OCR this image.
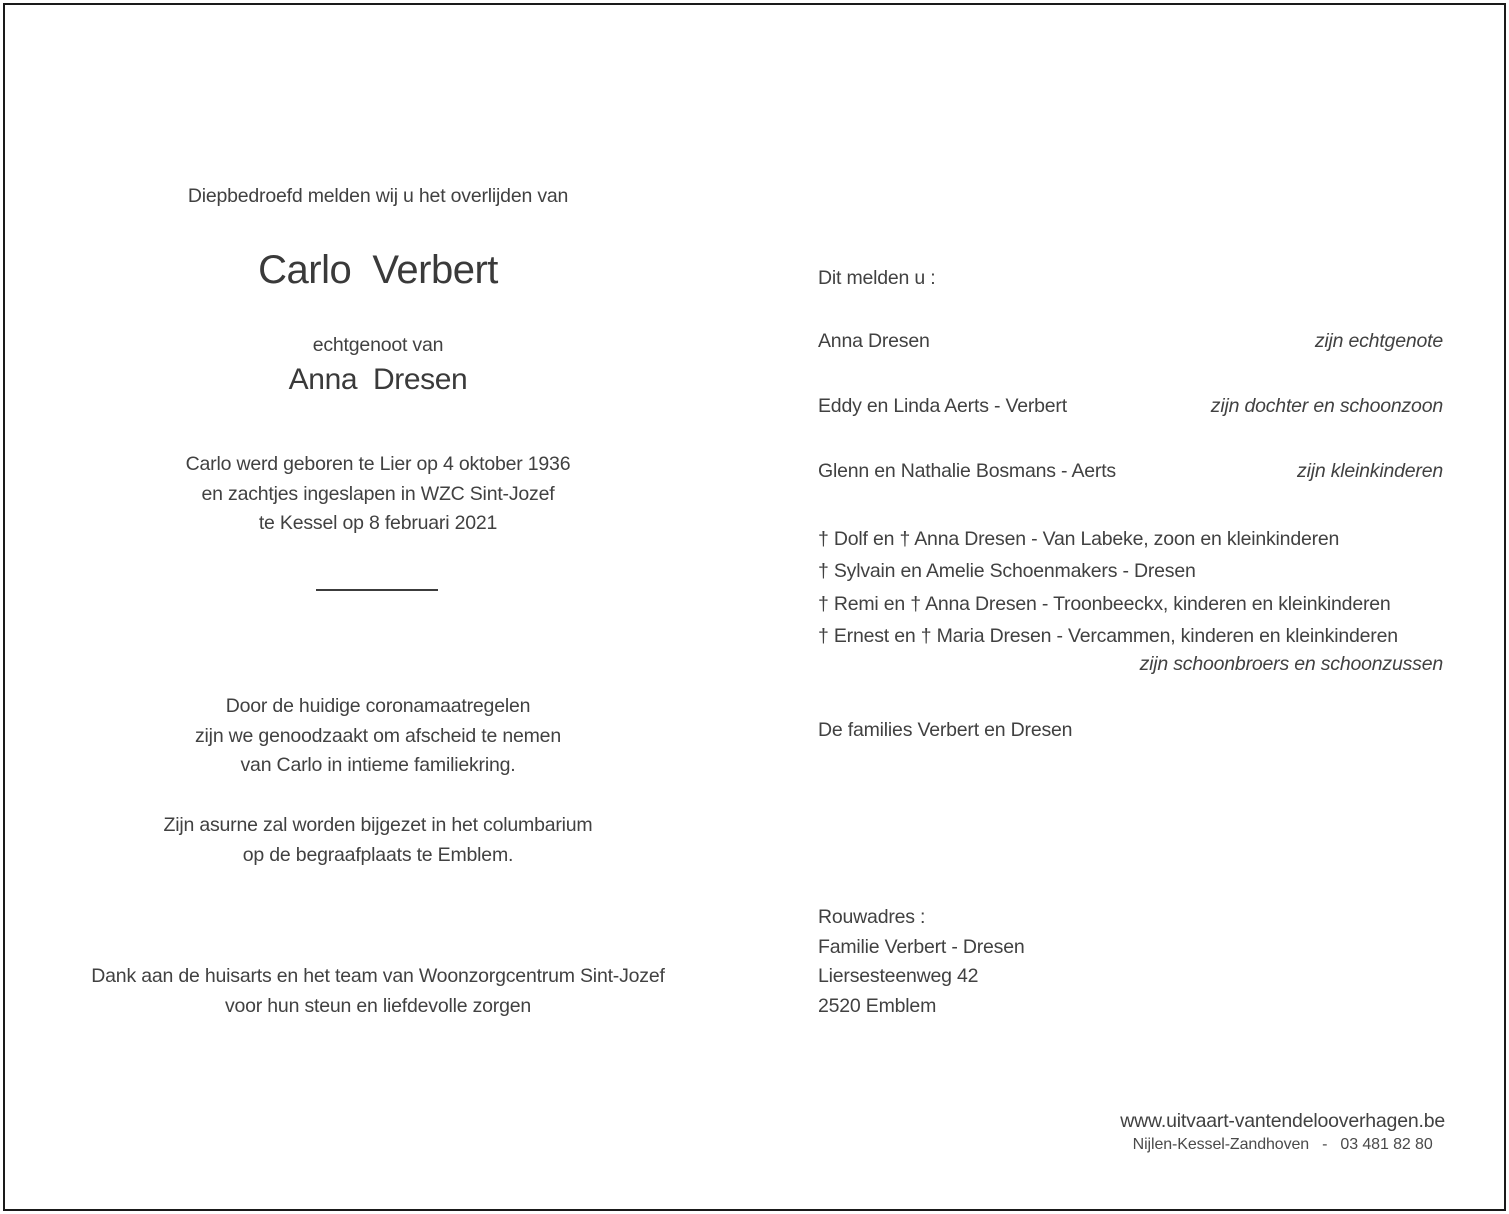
Diepbedroefd melden wij u het overlijden van
Carlo  Verbert
echtgenoot van
Anna  Dresen
Carlo werd geboren te Lier op 4 oktober 1936
en zachtjes ingeslapen in WZC Sint-Jozef
te Kessel op 8 februari 2021
Door de huidige coronamaatregelen
zijn we genoodzaakt om afscheid te nemen
van Carlo in intieme familiekring.
Zijn asurne zal worden bijgezet in het columbarium
op de begraafplaats te Emblem.
Dank aan de huisarts en het team van Woonzorgcentrum Sint-Jozef
voor hun steun en liefdevolle zorgen
Dit melden u :
Anna Dresen	zijn echtgenote
Eddy en Linda Aerts - Verbert	zijn dochter en schoonzoon
Glenn en Nathalie Bosmans - Aerts	zijn kleinkinderen
† Dolf en † Anna Dresen - Van Labeke, zoon en kleinkinderen
† Sylvain en Amelie Schoenmakers - Dresen
† Remi en † Anna Dresen - Troonbeeckx, kinderen en kleinkinderen
† Ernest en † Maria Dresen - Vercammen, kinderen en kleinkinderen
zijn schoonbroers en schoonzussen
De families Verbert en Dresen
Rouwadres :
Familie Verbert - Dresen
Liersesteenweg 42
2520 Emblem
www.uitvaart-vantendelooverhagen.be
Nijlen-Kessel-Zandhoven   -   03 481 82 80
